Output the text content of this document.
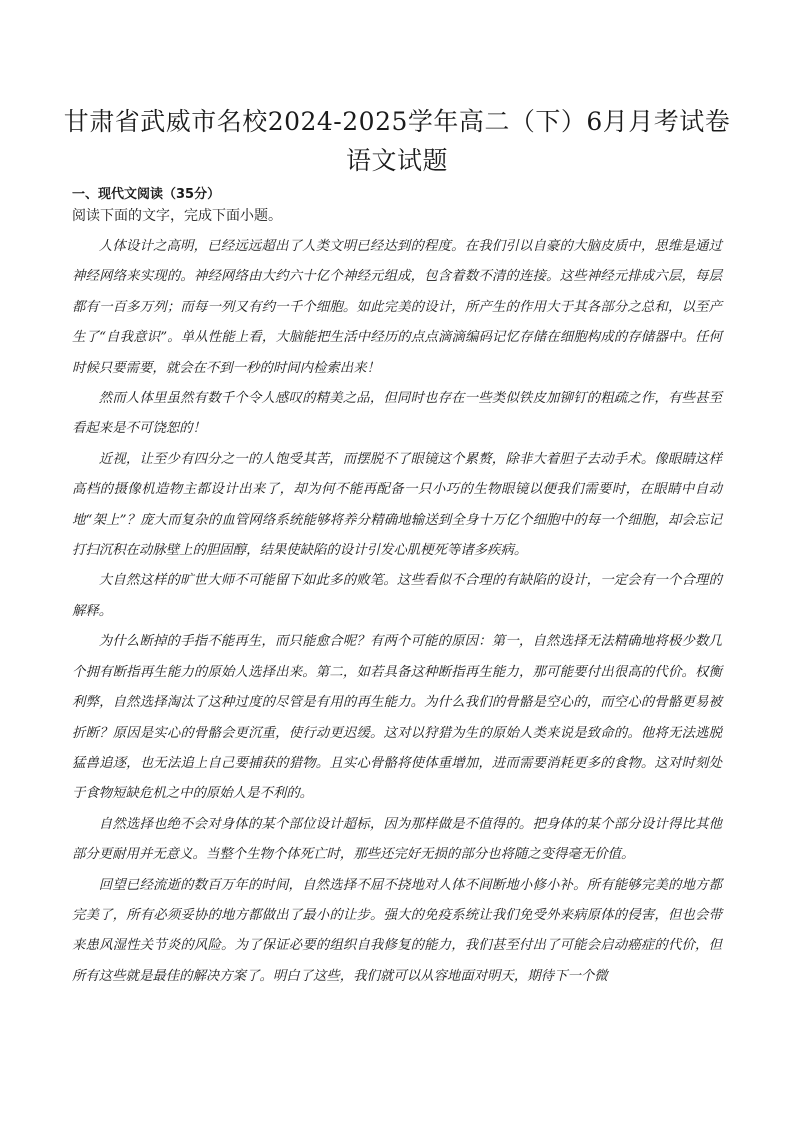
甘肃省武威市名校2024-2025学年高二（下）6月月考试卷
语文试题

一、现代文阅读（35分）

阅读下面的文字，完成下面小题。

人体设计之高明，已经远远超出了人类文明已经达到的程度。在我们引以自豪的大脑皮质中，思维是通过神经网络来实现的。神经网络由大约六十亿个神经元组成，包含着数不清的连接。这些神经元排成六层，每层都有一百多万列；而每一列又有约一千个细胞。如此完美的设计，所产生的作用大于其各部分之总和，以至产生了“自我意识”。单从性能上看，大脑能把生活中经历的点点滴滴编码记忆存储在细胞构成的存储器中。任何时候只要需要，就会在不到一秒的时间内检索出来！

然而人体里虽然有数千个令人感叹的精美之品，但同时也存在一些类似铁皮加铆钉的粗疏之作，有些甚至看起来是不可饶恕的！

近视，让至少有四分之一的人饱受其苦，而摆脱不了眼镜这个累赘，除非大着胆子去动手术。像眼睛这样高档的摄像机造物主都设计出来了，却为何不能再配备一只小巧的生物眼镜以便我们需要时，在眼睛中自动地“架上”？庞大而复杂的血管网络系统能够将养分精确地输送到全身十万亿个细胞中的每一个细胞，却会忘记打扫沉积在动脉壁上的胆固醇，结果使缺陷的设计引发心肌梗死等诸多疾病。

大自然这样的旷世大师不可能留下如此多的败笔。这些看似不合理的有缺陷的设计，一定会有一个合理的解释。

为什么断掉的手指不能再生，而只能愈合呢？有两个可能的原因：第一，自然选择无法精确地将极少数几个拥有断指再生能力的原始人选择出来。第二，如若具备这种断指再生能力，那可能要付出很高的代价。权衡利弊，自然选择淘汰了这种过度的尽管是有用的再生能力。为什么我们的骨骼是空心的，而空心的骨骼更易被折断？原因是实心的骨骼会更沉重，使行动更迟缓。这对以狩猎为生的原始人类来说是致命的。他将无法逃脱猛兽追逐，也无法追上自己要捕获的猎物。且实心骨骼将使体重增加，进而需要消耗更多的食物。这对时刻处于食物短缺危机之中的原始人是不利的。

自然选择也绝不会对身体的某个部位设计超标，因为那样做是不值得的。把身体的某个部分设计得比其他部分更耐用并无意义。当整个生物个体死亡时，那些还完好无损的部分也将随之变得毫无价值。

回望已经流逝的数百万年的时间，自然选择不屈不挠地对人体不间断地小修小补。所有能够完美的地方都完美了，所有必须妥协的地方都做出了最小的让步。强大的免疫系统让我们免受外来病原体的侵害，但也会带来患风湿性关节炎的风险。为了保证必要的组织自我修复的能力，我们甚至付出了可能会启动癌症的代价，但所有这些就是最佳的解决方案了。明白了这些，我们就可以从容地面对明天，期待下一个微
